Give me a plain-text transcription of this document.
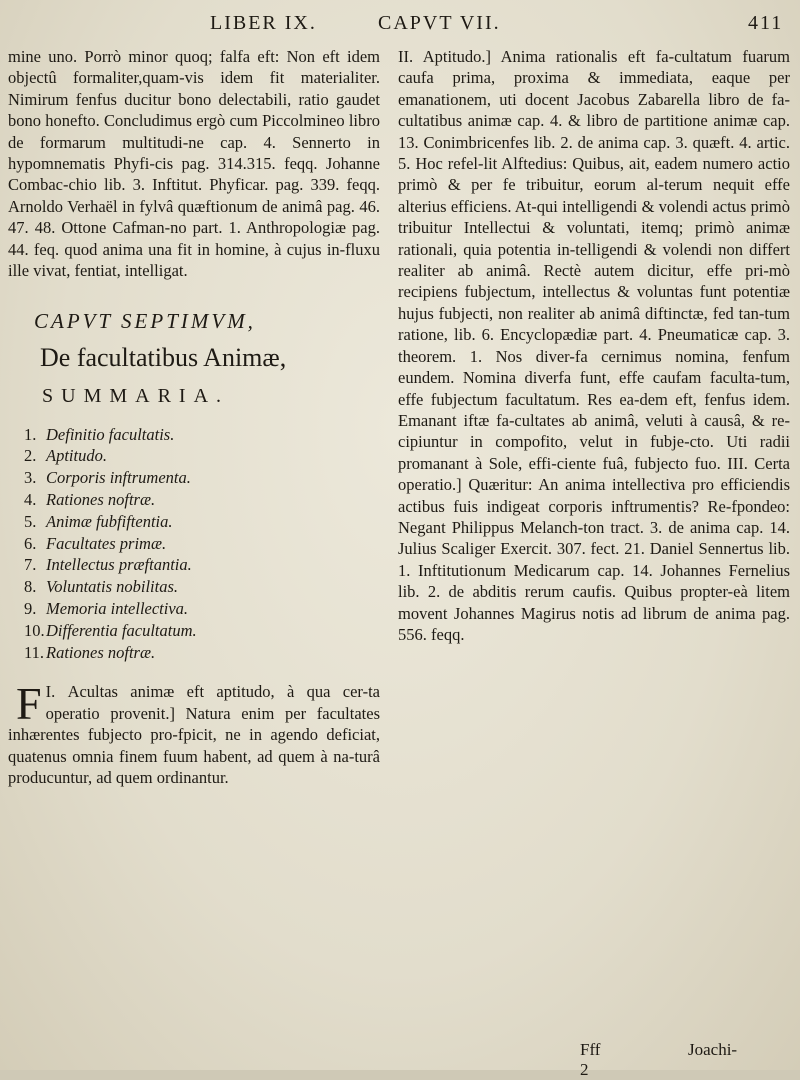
LIBER IX.	CAPVT VII.	411

mine uno. Porrò minor quoq; falfa eft: Non eft idem objectû formaliter,quam-vis idem fit materialiter. Nimirum fenfus ducitur bono delectabili, ratio gaudet bono honefto. Concludimus ergò cum Piccolmineo libro de formarum multitudi-ne cap. 4. Sennerto in hypomnematis Phyfi-cis pag. 314.315. feqq. Johanne Combac-chio lib. 3. Inftitut. Phyficar. pag. 339. feqq. Arnoldo Verhaël in fylvâ quæftionum de animâ pag. 46. 47. 48. Ottone Cafman-no part. 1. Anthropologiæ pag. 44. feq. quod anima una fit in homine, à cujus in-fluxu ille vivat, fentiat, intelligat.

CAPVT SEPTIMVM,
De facultatibus Animæ,
SUMMARIA.
1. Definitio facultatis.
2. Aptitudo.
3. Corporis inftrumenta.
4. Rationes noftræ.
5. Animæ fubfiftentia.
6. Facultates primæ.
7. Intellectus præftantia.
8. Voluntatis nobilitas.
9. Memoria intellectiva.
10.Differentia facultatum.
11. Rationes noftræ.

I.
F Acultas animæ eft aptitudo, à qua cer-ta operatio provenit.] Natura enim per facultates inhærentes fubjecto pro-fpicit, ne in agendo deficiat, quatenus omnia finem fuum habent, ad quem à na-turâ producuntur, ad quem ordinantur.

II. Aptitudo.] Anima rationalis eft fa-cultatum fuarum caufa prima, proxima & immediata, eaque per emanationem, uti docent Jacobus Zabarella libro de fa-cultatibus animæ cap. 4. & libro de partitione animæ cap. 13. Conimbricenfes lib. 2. de anima cap. 3. quæft. 4. artic. 5. Hoc refel-lit Alftedius: Quibus, ait, eadem numero actio primò & per fe tribuitur, eorum al-terum nequit effe alterius efficiens. At-qui intelligendi & volendi actus primò tribuitur Intellectui & voluntati, itemq; primò animæ rationali, quia potentia in-telligendi & volendi non differt realiter ab animâ. Rectè autem dicitur, effe pri-mò recipiens fubjectum, intellectus & voluntas funt potentiæ hujus fubjecti, non realiter ab animâ diftinctæ, fed tan-tum ratione, lib. 6. Encyclopædiæ part. 4. Pneumaticæ cap. 3. theorem. 1. Nos diver-fa cernimus nomina, fenfum eundem. Nomina diverfa funt, effe caufam faculta-tum, effe fubjectum facultatum. Res ea-dem eft, fenfus idem. Emanant iftæ fa-cultates ab animâ, veluti à causâ, & re-cipiuntur in compofito, velut in fubje-cto. Uti radii promanant à Sole, effi-ciente fuâ, fubjecto fuo. III. Certa operatio.] Quæritur: An anima intellectiva pro efficiendis actibus fuis indigeat corporis inftrumentis? Re-fpondeo: Negant Philippus Melanch-ton tract. 3. de anima cap. 14. Julius Scaliger Exercit. 307. fect. 21. Daniel Sennertus lib. 1. Inftitutionum Medicarum cap. 14. Johannes Fernelius lib. 2. de abditis rerum caufis. Quibus propter-eà litem movent Johannes Magirus notis ad librum de anima pag. 556. feqq.

Fff 2
Joachi-
